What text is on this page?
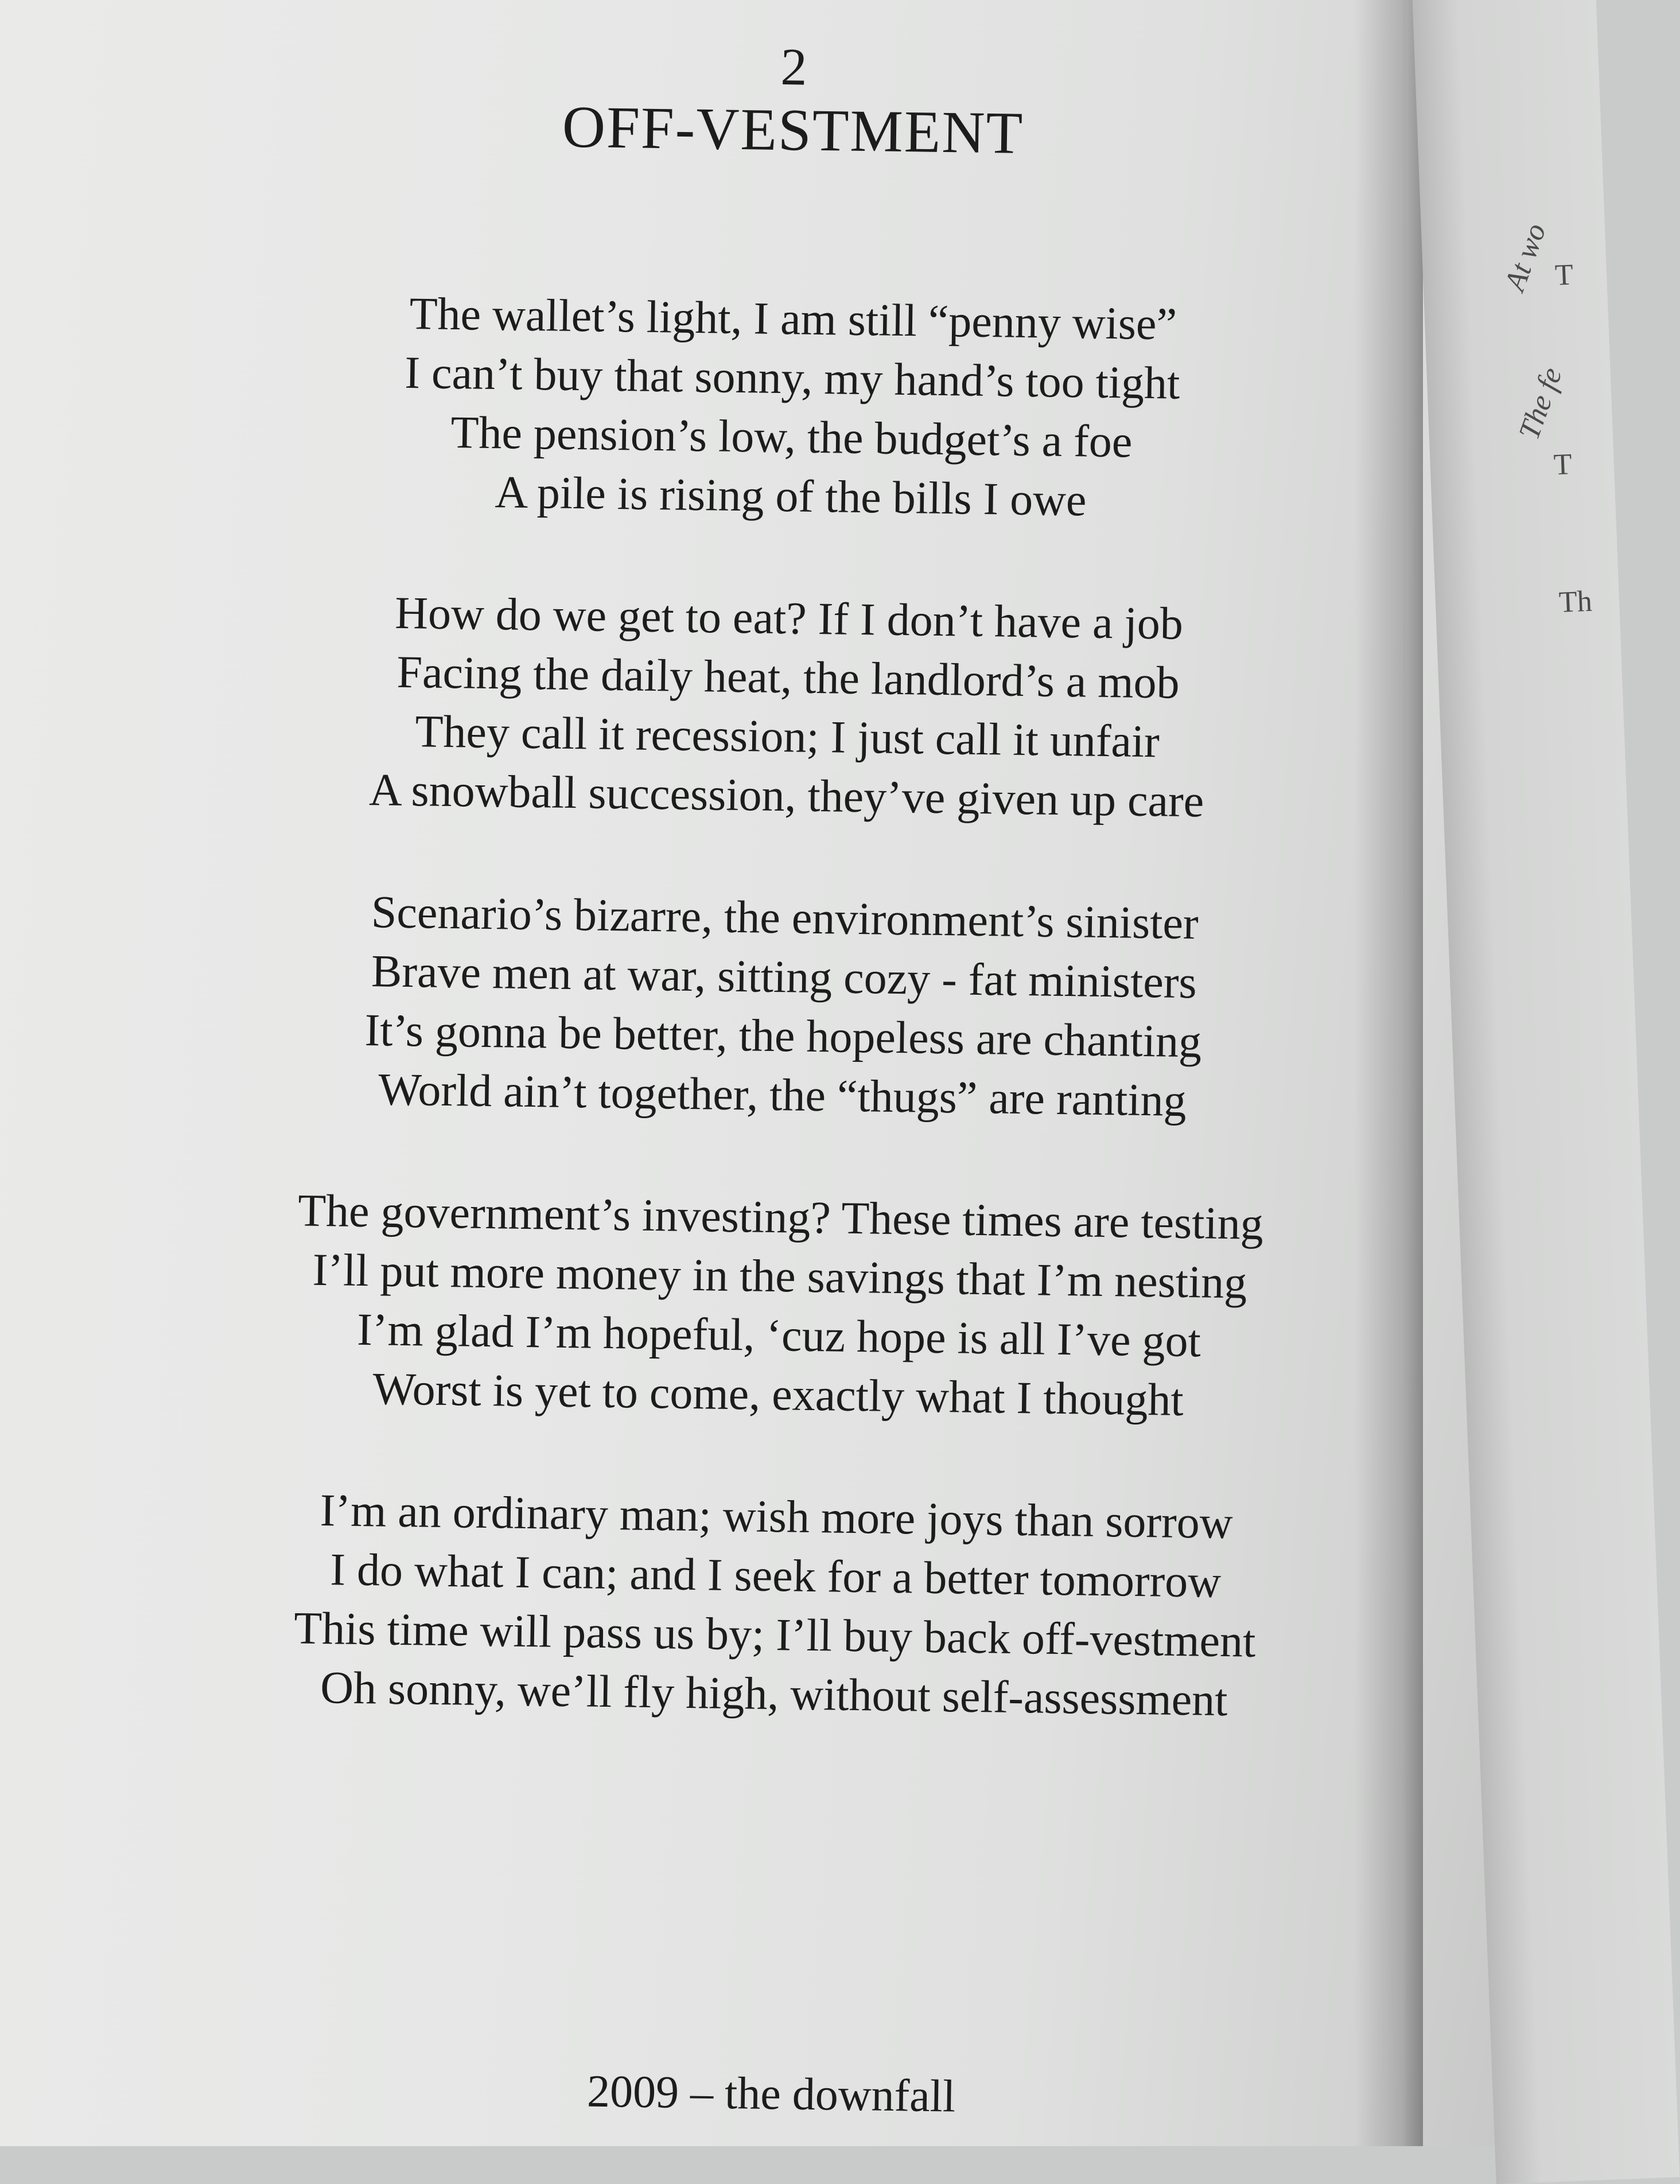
At wo T
The fe
T
Th
2
OFF-VESTMENT
The wallet’s light, I am still “penny wise”
I can’t buy that sonny, my hand’s too tight
The pension’s low, the budget’s a foe
A pile is rising of the bills I owe
How do we get to eat? If I don’t have a job
Facing the daily heat, the landlord’s a mob
They call it recession; I just call it unfair
A snowball succession, they’ve given up care
Scenario’s bizarre, the environment’s sinister
Brave men at war, sitting cozy - fat ministers
It’s gonna be better, the hopeless are chanting
World ain’t together, the “thugs” are ranting
The government’s investing? These times are testing
I’ll put more money in the savings that I’m nesting
I’m glad I’m hopeful, ‘cuz hope is all I’ve got
Worst is yet to come, exactly what I thought
I’m an ordinary man; wish more joys than sorrow
I do what I can; and I seek for a better tomorrow
This time will pass us by; I’ll buy back off-vestment
Oh sonny, we’ll fly high, without self-assessment
2009 – the downfall
